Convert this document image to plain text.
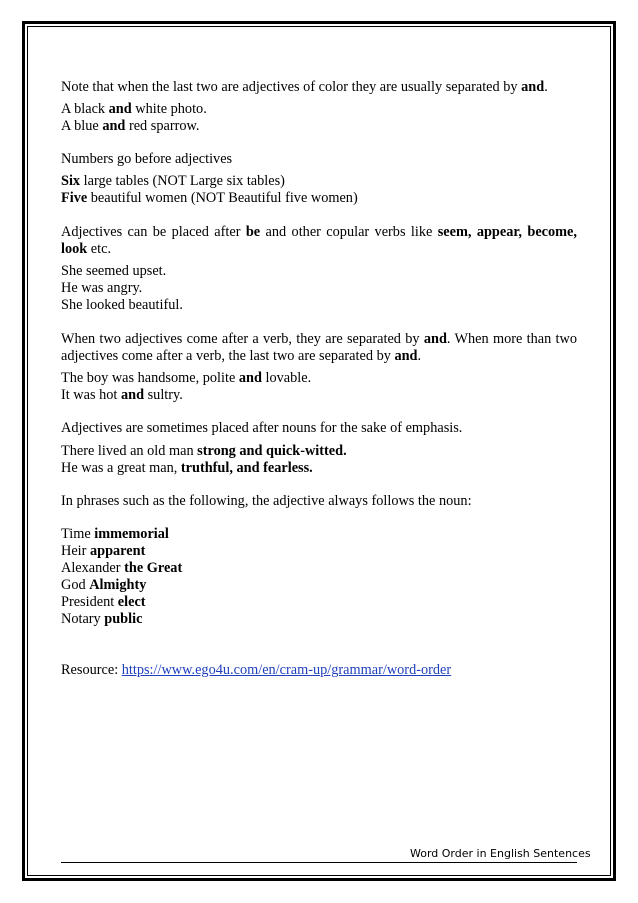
Note that when the last two are adjectives of color they are usually separated by and.

A black and white photo.

A blue and red sparrow.

Numbers go before adjectives

Six large tables (NOT Large six tables)

Five beautiful women (NOT Beautiful five women)

Adjectives can be placed after be and other copular verbs like seem, appear, become, look etc.

She seemed upset.

He was angry.

She looked beautiful.

When two adjectives come after a verb, they are separated by and. When more than two adjectives come after a verb, the last two are separated by and.

The boy was handsome, polite and lovable.

It was hot and sultry.

Adjectives are sometimes placed after nouns for the sake of emphasis.

There lived an old man strong and quick-witted.

He was a great man, truthful, and fearless.

In phrases such as the following, the adjective always follows the noun:

Time immemorial

Heir apparent

Alexander the Great

God Almighty

President elect

Notary public

Resource: https://www.ego4u.com/en/cram-up/grammar/word-order

Word Order in English Sentences
